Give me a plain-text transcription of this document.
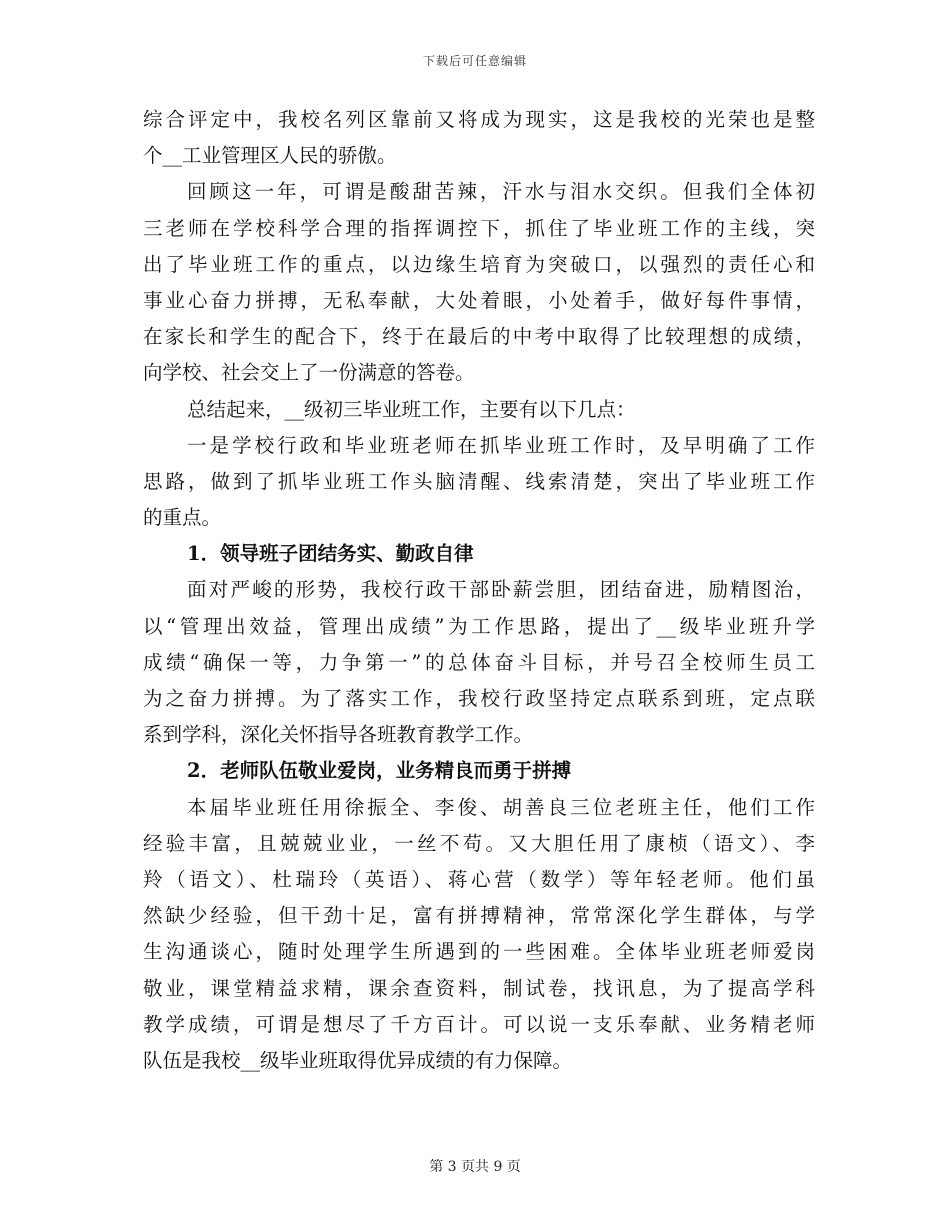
下载后可任意编辑
综合评定中，我校名列区靠前又将成为现实，这是我校的光荣也是整
个__工业管理区人民的骄傲。
回顾这一年，可谓是酸甜苦辣，汗水与泪水交织。但我们全体初
三老师在学校科学合理的指挥调控下，抓住了毕业班工作的主线，突
出了毕业班工作的重点，以边缘生培育为突破口，以强烈的责任心和
事业心奋力拼搏，无私奉献，大处着眼，小处着手，做好每件事情，
在家长和学生的配合下，终于在最后的中考中取得了比较理想的成绩，
向学校、社会交上了一份满意的答卷。
总结起来，__级初三毕业班工作，主要有以下几点：
一是学校行政和毕业班老师在抓毕业班工作时，及早明确了工作
思路，做到了抓毕业班工作头脑清醒、线索清楚，突出了毕业班工作
的重点。
1．领导班子团结务实、勤政自律
面对严峻的形势，我校行政干部卧薪尝胆，团结奋进，励精图治，
以“管理出效益，管理出成绩”为工作思路，提出了__级毕业班升学
成绩“确保一等，力争第一”的总体奋斗目标，并号召全校师生员工
为之奋力拼搏。为了落实工作，我校行政坚持定点联系到班，定点联
系到学科，深化关怀指导各班教育教学工作。
2．老师队伍敬业爱岗，业务精良而勇于拼搏
本届毕业班任用徐振全、李俊、胡善良三位老班主任，他们工作
经验丰富，且兢兢业业，一丝不苟。又大胆任用了康桢（语文）、李
羚（语文）、杜瑞玲（英语）、蒋心营（数学）等年轻老师。他们虽
然缺少经验，但干劲十足，富有拼搏精神，常常深化学生群体，与学
生沟通谈心，随时处理学生所遇到的一些困难。全体毕业班老师爱岗
敬业，课堂精益求精，课余查资料，制试卷，找讯息，为了提高学科
教学成绩，可谓是想尽了千方百计。可以说一支乐奉献、业务精老师
队伍是我校__级毕业班取得优异成绩的有力保障。
第 3 页共 9 页
